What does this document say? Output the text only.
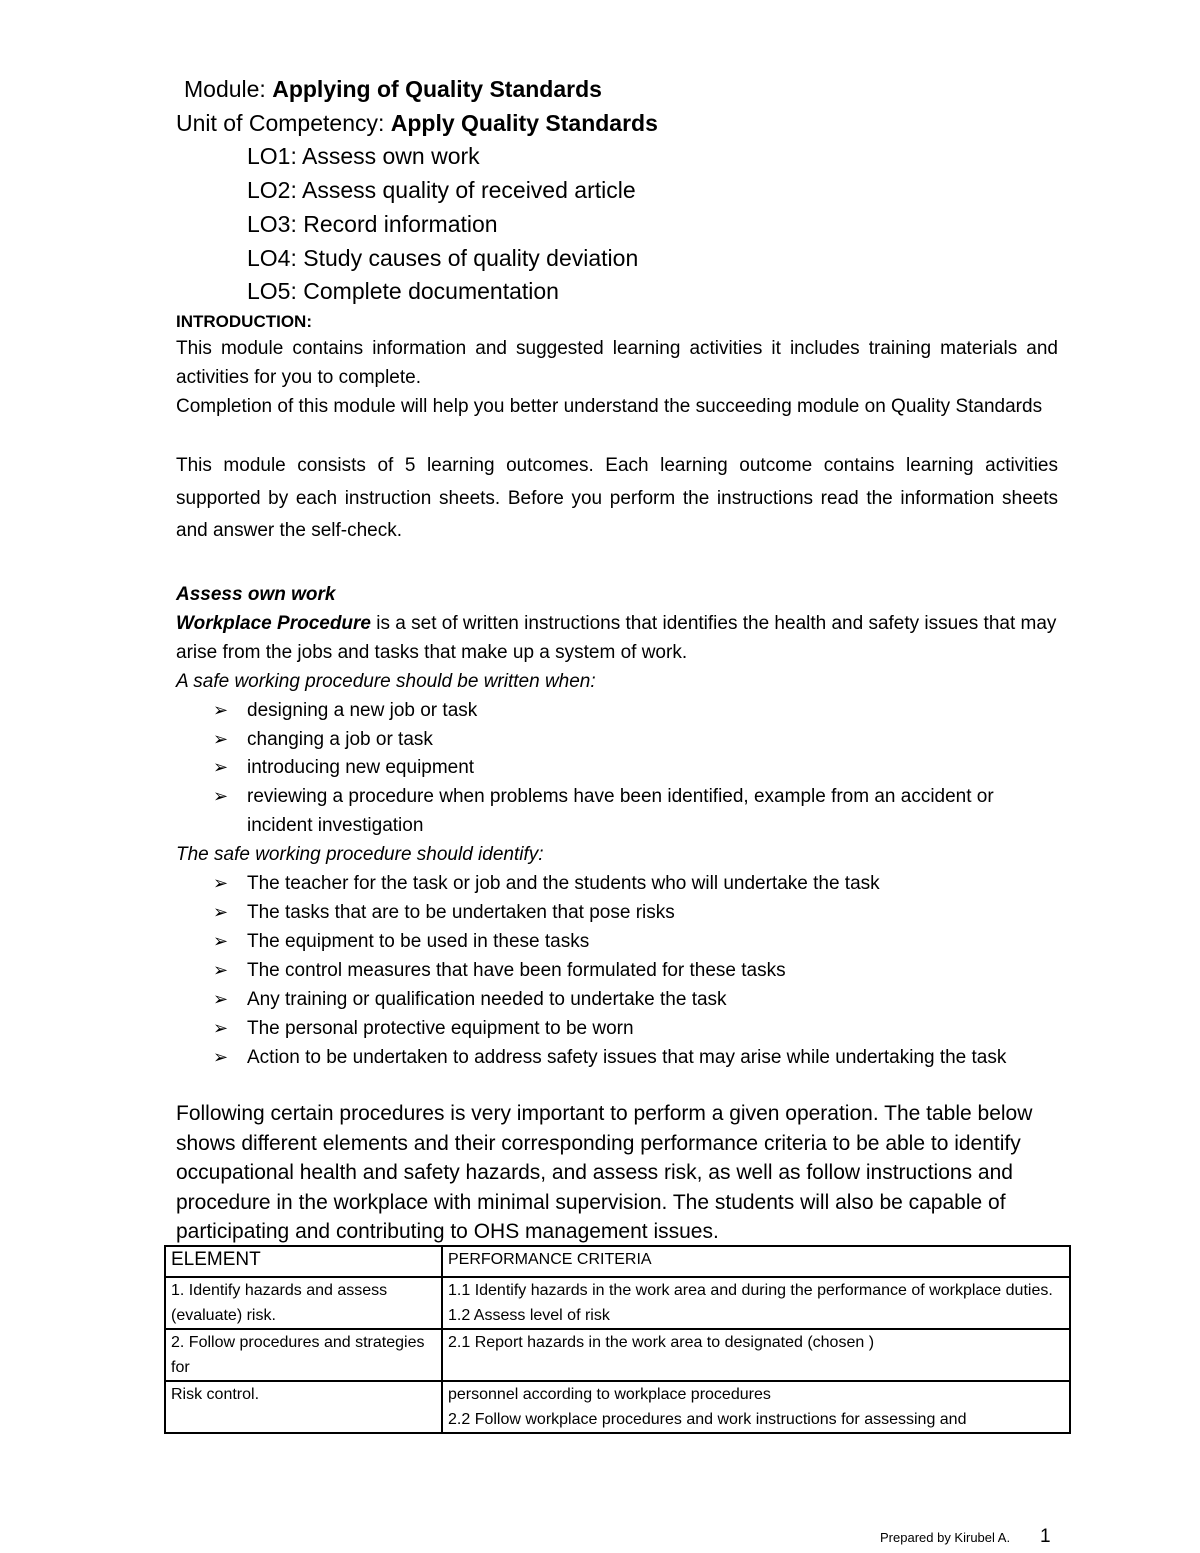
Module: Applying of Quality Standards
Unit of Competency: Apply Quality Standards
LO1: Assess own work
LO2: Assess quality of received article
LO3: Record information
LO4: Study causes of quality deviation
LO5: Complete documentation
INTRODUCTION:
This module contains information and suggested learning activities it includes training materials and activities for you to complete.
Completion of this module will help you better understand the succeeding module on Quality Standards
This module consists of 5 learning outcomes. Each learning outcome contains learning activities supported by each instruction sheets. Before you perform the instructions read the information sheets and answer the self-check.
Assess own work
Workplace Procedure is a set of written instructions that identifies the health and safety issues that may arise from the jobs and tasks that make up a system of work.
A safe working procedure should be written when:
➢ designing a new job or task
➢ changing a job or task
➢ introducing new equipment
➢ reviewing a procedure when problems have been identified, example from an accident or incident investigation
The safe working procedure should identify:
➢ The teacher for the task or job and the students who will undertake the task
➢ The tasks that are to be undertaken that pose risks
➢ The equipment to be used in these tasks
➢ The control measures that have been formulated for these tasks
➢ Any training or qualification needed to undertake the task
➢ The personal protective equipment to be worn
➢ Action to be undertaken to address safety issues that may arise while undertaking the task
Following certain procedures is very important to perform a given operation. The table below shows different elements and their corresponding performance criteria to be able to identify occupational health and safety hazards, and assess risk, as well as follow instructions and procedure in the workplace with minimal supervision. The students will also be capable of participating and contributing to OHS management issues.
ELEMENT	PERFORMANCE CRITERIA
1. Identify hazards and assess (evaluate) risk.	1.1 Identify hazards in the work area and during the performance of workplace duties.
1.2 Assess level of risk

2. Follow procedures and strategies for	2.1 Report hazards in the work area to designated (chosen )

Risk control.	personnel according to workplace procedures
2.2 Follow workplace procedures and work instructions for assessing and
Prepared by Kirubel A. 1
